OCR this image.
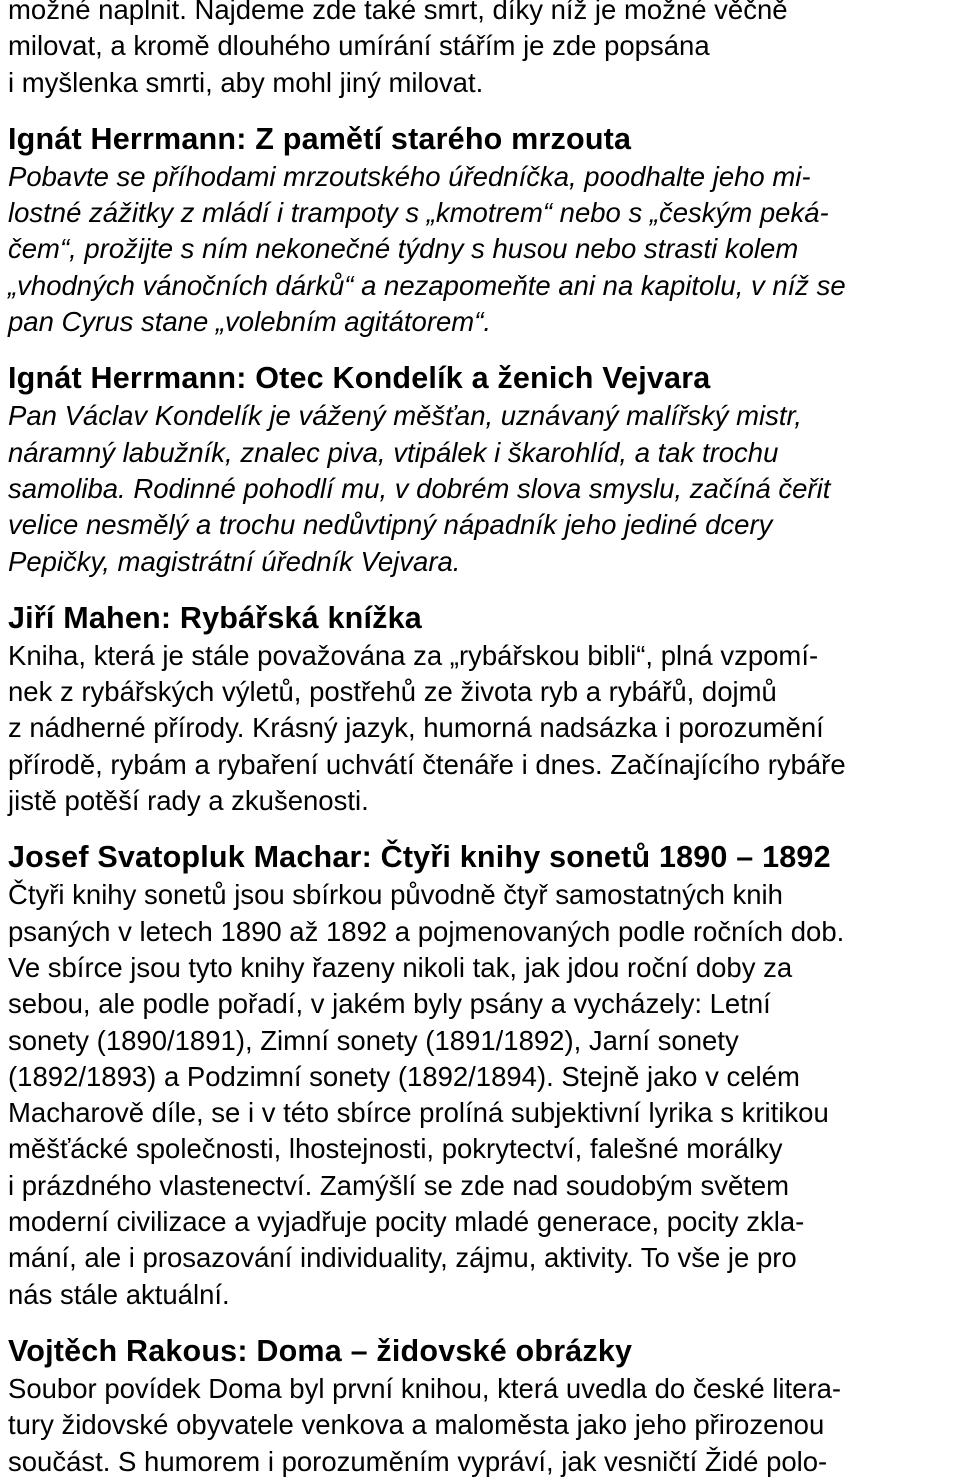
možné naplnit. Najdeme zde také smrt, díky níž je možné věčně
milovat, a kromě dlouhého umírání stářím je zde popsána
i myšlenka smrti, aby mohl jiný milovat.

Ignát Herrmann: Z pamětí starého mrzouta

Pobavte se příhodami mrzoutského úředníčka, poodhalte jeho mi-
lostné zážitky z mládí i trampoty s „kmotrem“ nebo s „českým peká-
čem“, prožijte s ním nekonečné týdny s husou nebo strasti kolem
„vhodných vánočních dárků“ a nezapomeňte ani na kapitolu, v níž se
pan Cyrus stane „volebním agitátorem“.

Ignát Herrmann: Otec Kondelík a ženich Vejvara

Pan Václav Kondelík je vážený měšťan, uznávaný malířský mistr,
náramný labužník, znalec piva, vtipálek i škarohlíd, a tak trochu
samoliba. Rodinné pohodlí mu, v dobrém slova smyslu, začíná čeřit
velice nesmělý a trochu nedůvtipný nápadník jeho jediné dcery
Pepičky, magistrátní úředník Vejvara.

Jiří Mahen: Rybářská knížka

Kniha, která je stále považována za „rybářskou bibli“, plná vzpomí-
nek z rybářských výletů, postřehů ze života ryb a rybářů, dojmů
z nádherné přírody. Krásný jazyk, humorná nadsázka i porozumění
přírodě, rybám a rybaření uchvátí čtenáře i dnes. Začínajícího rybáře
jistě potěší rady a zkušenosti.

Josef Svatopluk Machar: Čtyři knihy sonetů 1890 – 1892

Čtyři knihy sonetů jsou sbírkou původně čtyř samostatných knih
psaných v letech 1890 až 1892 a pojmenovaných podle ročních dob.
Ve sbírce jsou tyto knihy řazeny nikoli tak, jak jdou roční doby za
sebou, ale podle pořadí, v jakém byly psány a vycházely: Letní
sonety (1890/1891), Zimní sonety (1891/1892), Jarní sonety
(1892/1893) a Podzimní sonety (1892/1894). Stejně jako v celém
Macharově díle, se i v této sbírce prolíná subjektivní lyrika s kritikou
měšťácké společnosti, lhostejnosti, pokrytectví, falešné morálky
i prázdného vlastenectví. Zamýšlí se zde nad soudobým světem
moderní civilizace a vyjadřuje pocity mladé generace, pocity zkla-
mání, ale i prosazování individuality, zájmu, aktivity. To vše je pro
nás stále aktuální.

Vojtěch Rakous: Doma – židovské obrázky

Soubor povídek Doma byl první knihou, která uvedla do české litera-
tury židovské obyvatele venkova a maloměsta jako jeho přirozenou
součást. S humorem i porozuměním vypráví, jak vesničtí Židé polo-
